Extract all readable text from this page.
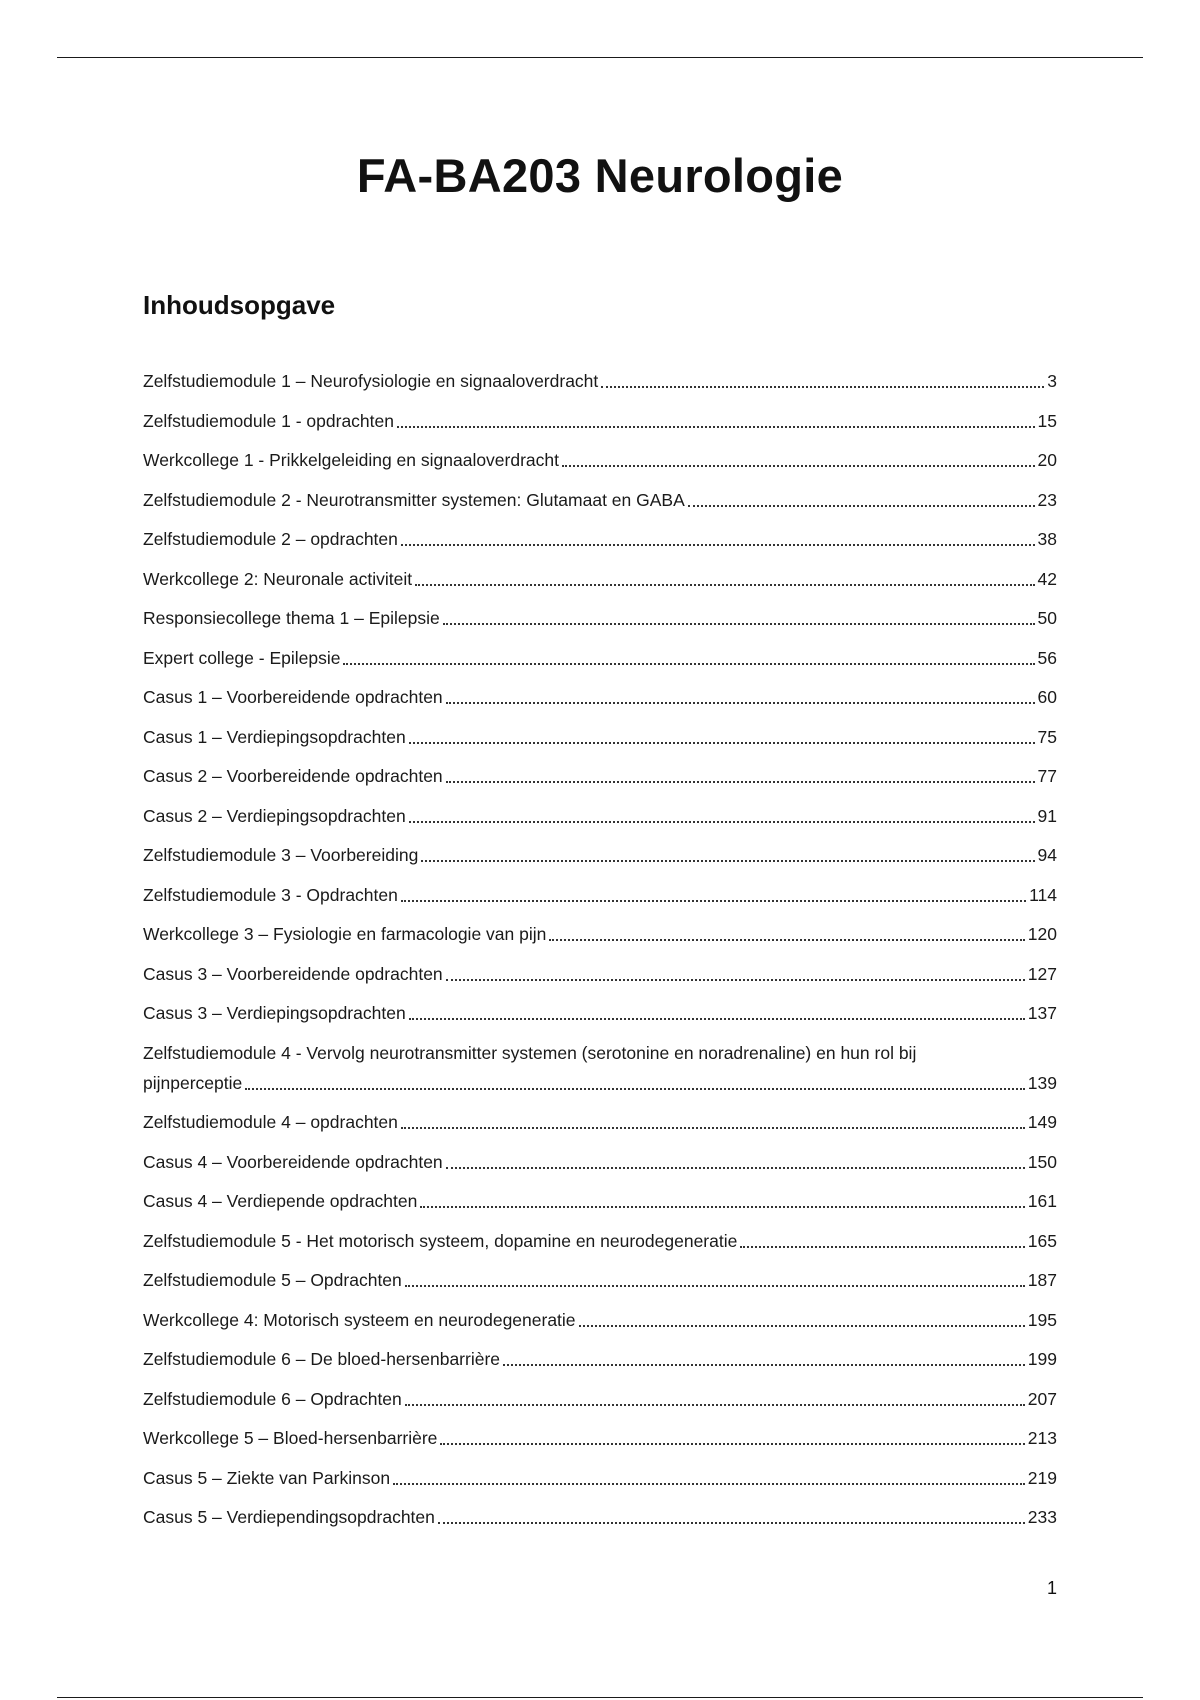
FA-BA203 Neurologie
Inhoudsopgave
Zelfstudiemodule 1 – Neurofysiologie en signaaloverdracht	3
Zelfstudiemodule 1 - opdrachten	15
Werkcollege 1 - Prikkelgeleiding en signaaloverdracht	20
Zelfstudiemodule 2 - Neurotransmitter systemen: Glutamaat en GABA	23
Zelfstudiemodule 2 – opdrachten	38
Werkcollege 2: Neuronale activiteit	42
Responsiecollege thema 1 – Epilepsie	50
Expert college - Epilepsie	56
Casus 1 – Voorbereidende opdrachten	60
Casus 1 – Verdiepingsopdrachten	75
Casus 2 – Voorbereidende opdrachten	77
Casus 2 – Verdiepingsopdrachten	91
Zelfstudiemodule 3 – Voorbereiding	94
Zelfstudiemodule 3 - Opdrachten	114
Werkcollege 3 – Fysiologie en farmacologie van pijn	120
Casus 3 – Voorbereidende opdrachten	127
Casus 3 – Verdiepingsopdrachten	137
Zelfstudiemodule 4 - Vervolg neurotransmitter systemen (serotonine en noradrenaline) en hun rol bij
pijnperceptie	139
Zelfstudiemodule 4 – opdrachten	149
Casus 4 – Voorbereidende opdrachten	150
Casus 4 – Verdiepende opdrachten	161
Zelfstudiemodule 5 - Het motorisch systeem, dopamine en neurodegeneratie	165
Zelfstudiemodule 5 – Opdrachten	187
Werkcollege 4: Motorisch systeem en neurodegeneratie	195
Zelfstudiemodule 6 – De bloed-hersenbarrière	199
Zelfstudiemodule 6 – Opdrachten	207
Werkcollege 5 – Bloed-hersenbarrière	213
Casus 5 – Ziekte van Parkinson	219
Casus 5 – Verdiependingsopdrachten	233

1
